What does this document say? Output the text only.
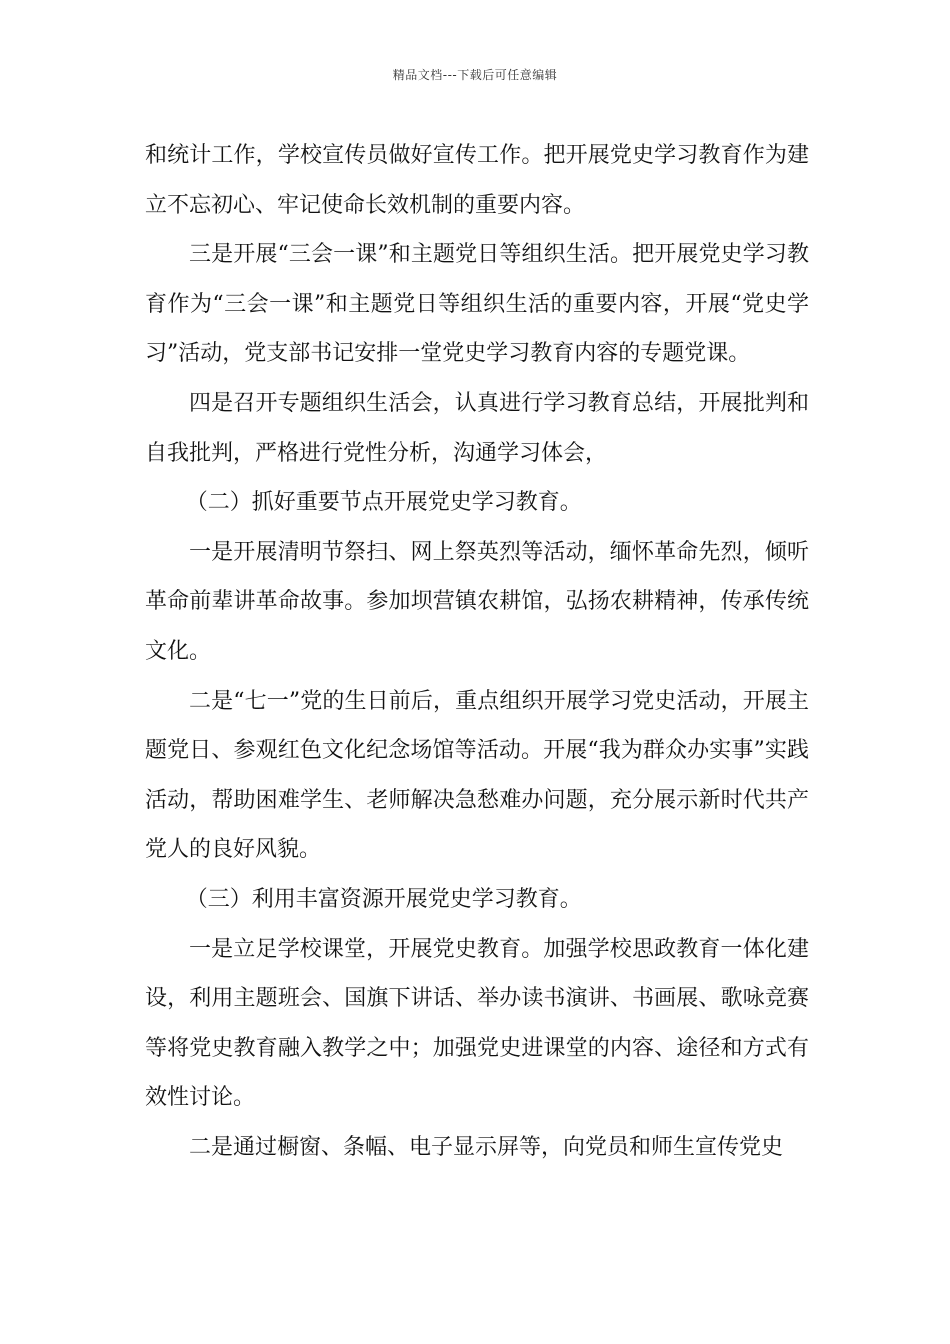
精品文档---下载后可任意编辑

和统计工作，学校宣传员做好宣传工作。把开展党史学习教育作为建立不忘初心、牢记使命长效机制的重要内容。

三是开展“三会一课”和主题党日等组织生活。把开展党史学习教育作为“三会一课”和主题党日等组织生活的重要内容，开展“党史学习”活动，党支部书记安排一堂党史学习教育内容的专题党课。

四是召开专题组织生活会，认真进行学习教育总结，开展批判和自我批判，严格进行党性分析，沟通学习体会，

（二）抓好重要节点开展党史学习教育。

一是开展清明节祭扫、网上祭英烈等活动，缅怀革命先烈，倾听革命前辈讲革命故事。参加坝营镇农耕馆，弘扬农耕精神，传承传统文化。

二是“七一”党的生日前后，重点组织开展学习党史活动，开展主题党日、参观红色文化纪念场馆等活动。开展“我为群众办实事”实践活动，帮助困难学生、老师解决急愁难办问题，充分展示新时代共产党人的良好风貌。

（三）利用丰富资源开展党史学习教育。

一是立足学校课堂，开展党史教育。加强学校思政教育一体化建设，利用主题班会、国旗下讲话、举办读书演讲、书画展、歌咏竞赛等将党史教育融入教学之中；加强党史进课堂的内容、途径和方式有效性讨论。

二是通过橱窗、条幅、电子显示屏等，向党员和师生宣传党史
